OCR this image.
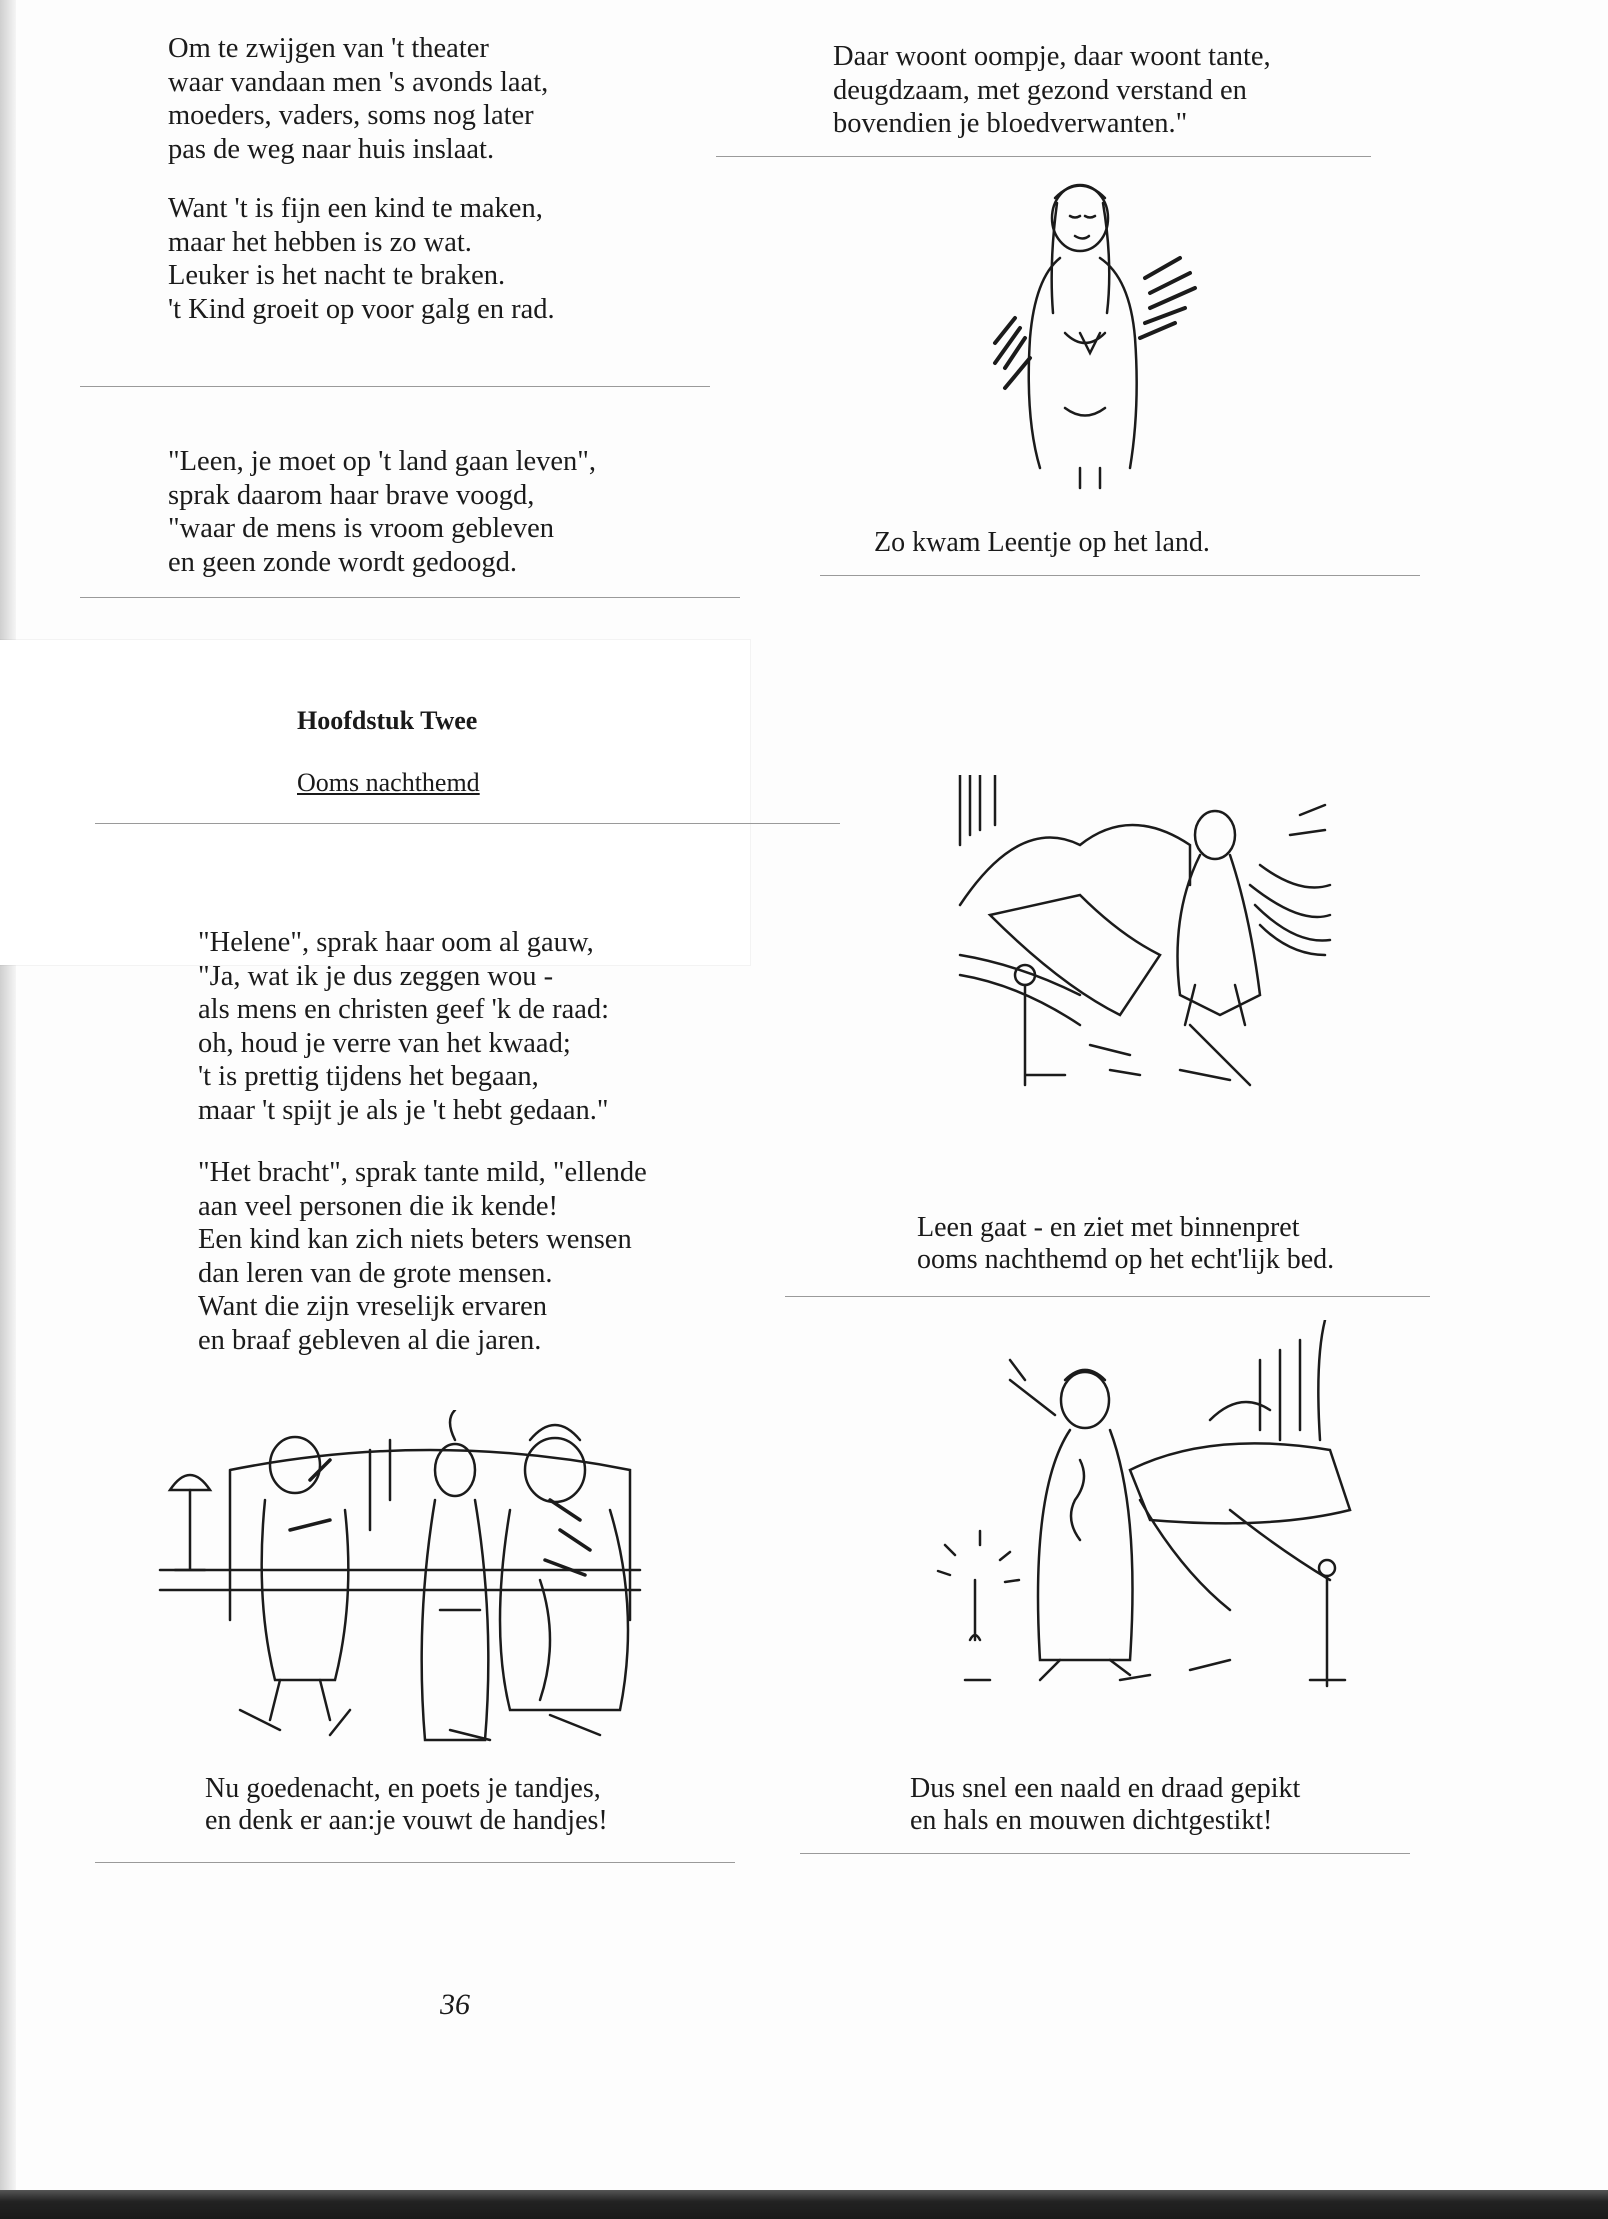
Om te zwijgen van 't theater
waar vandaan men 's avonds laat,
moeders, vaders, soms nog later
pas de weg naar huis inslaat.
Want 't is fijn een kind te maken,
maar het hebben is zo wat.
Leuker is het nacht te braken.
't Kind groeit op voor galg en rad.
"Leen, je moet op 't land gaan leven",
sprak daarom haar brave voogd,
"waar de mens is vroom gebleven
en geen zonde wordt gedoogd.
Hoofdstuk Twee
Ooms nachthemd
"Helene", sprak haar oom al gauw,
"Ja, wat ik je dus zeggen wou -
als mens en christen geef 'k de raad:
oh, houd je verre van het kwaad;
't is prettig tijdens het begaan,
maar 't spijt je als je 't hebt gedaan."
"Het bracht", sprak tante mild, "ellende
aan veel personen die ik kende!
Een kind kan zich niets beters wensen
dan leren van de grote mensen.
Want die zijn vreselijk ervaren
en braaf gebleven al die jaren.
Daar woont oompje, daar woont tante,
deugdzaam, met gezond verstand en
bovendien je bloedverwanten."
Zo kwam Leentje op het land.
Leen gaat - en ziet met binnenpret
ooms nachthemd op het echt'lijk bed.
Nu goedenacht, en poets je tandjes,
en denk er aan:je vouwt de handjes!
Dus snel een naald en draad gepikt
en hals en mouwen dichtgestikt!
36
